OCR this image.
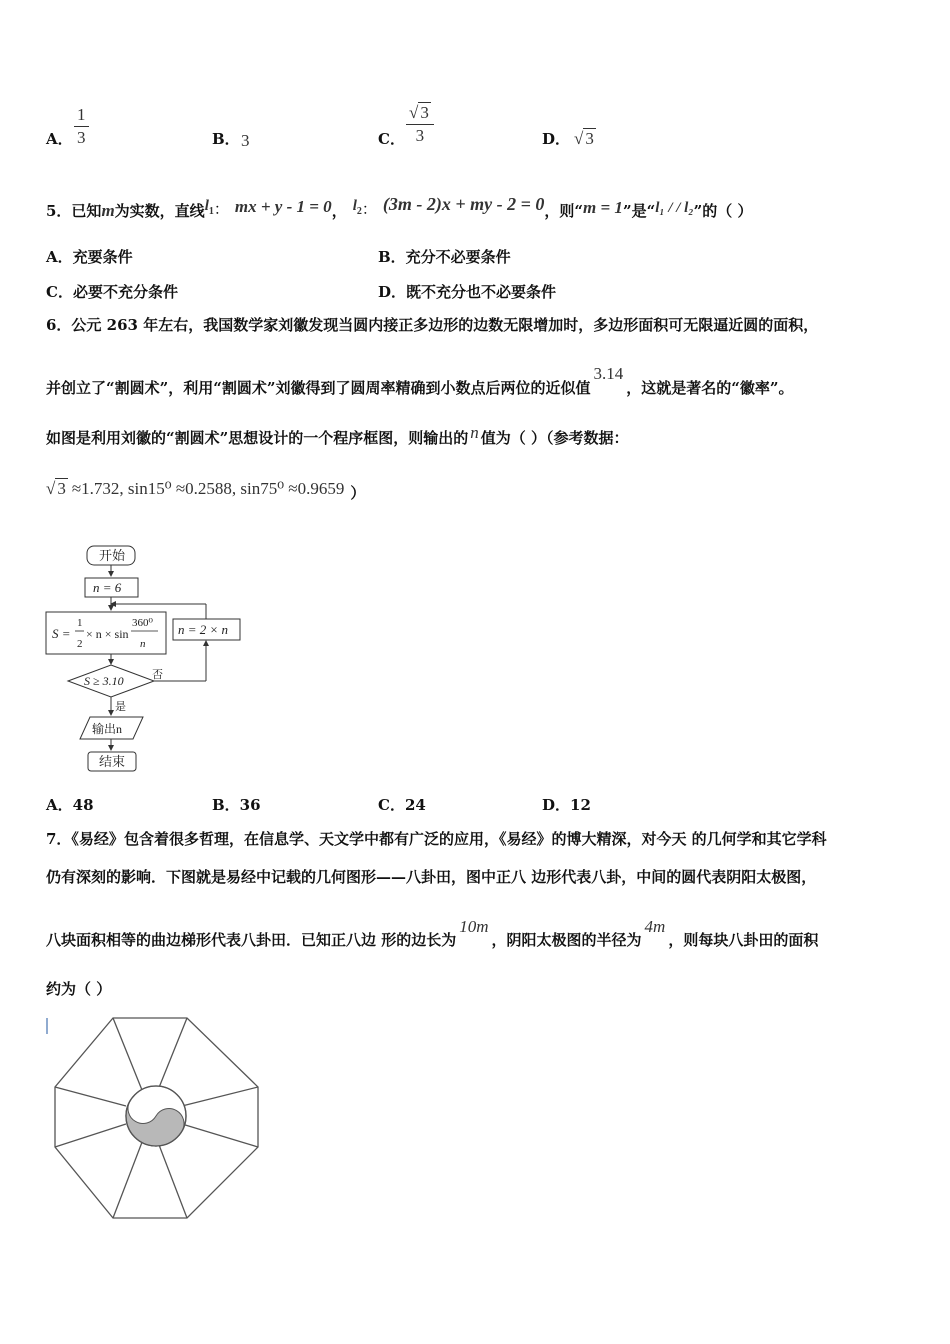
A． $\frac{1}{3}$	B． 3	C． $\frac{√ 3}{3}$	D． √ 3
5．已知m为实数，直线l1： mx + y - 1 = 0， l2： (3m - 2)x + my - 2 = 0，则“m = 1”是“l₁ / / l₂”的（ ）
A．充要条件	B．充分不必要条件
C．必要不充分条件	D．既不充分也不必要条件
6．公元 263 年左右，我国数学家刘徽发现当圆内接正多边形的边数无限增加时，多边形面积可无限逼近圆的面积，
并创立了“割圆术”，利用“割圆术”刘徽得到了圆周率精确到小数点后两位的近似值3.14，这就是著名的“徽率”。
如图是利用刘徽的“割圆术”思想设计的一个程序框图，则输出的 n 值为（ ）（参考数据：
√ 3 ≈1.732, sin15⁰ ≈0.2588, sin75⁰ ≈0.9659 ）
开始
n = 6
S =
1
2
× n × sin
360⁰
n
n = 2 × n
S ≥ 3.10	否
是
输出n
结束
A．48	B．36	C．24	D．12
7．《易经》包含着很多哲理，在信息学、天文学中都有广泛的应用，《易经》的博大精深，对今天 的几何学和其它学科
仍有深刻的影响．下图就是易经中记载的几何图形——八卦田，图中正八 边形代表八卦，中间的圆代表阴阳太极图，
八块面积相等的曲边梯形代表八卦田．已知正八边 形的边长为10m，阴阳太极图的半径为4m，则每块八卦田的面积
约为（ ）
